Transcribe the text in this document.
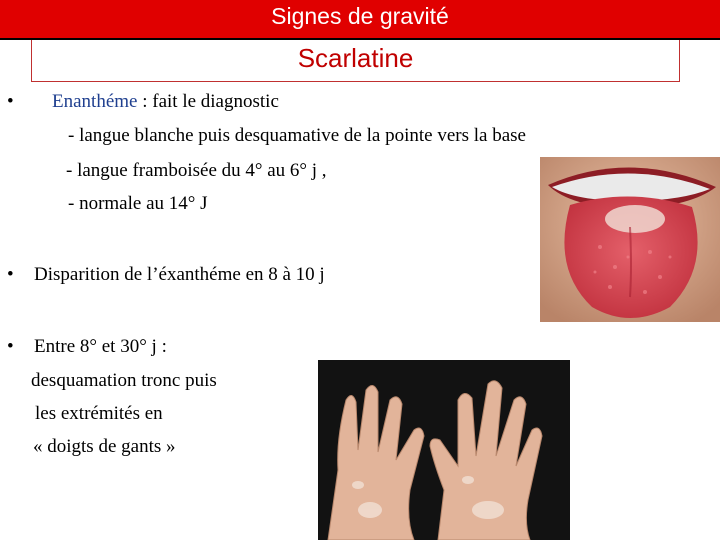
Signes de gravité
Scarlatine
• Enanthéme : fait le diagnostic
- langue blanche puis desquamative de la pointe vers la base
- langue framboisée du 4° au 6° j ,
- normale au 14° J
• Disparition de l’éxanthéme en 8 à 10 j
• Entre 8° et 30° j :
desquamation tronc puis
les extrémités en
« doigts de gants »
